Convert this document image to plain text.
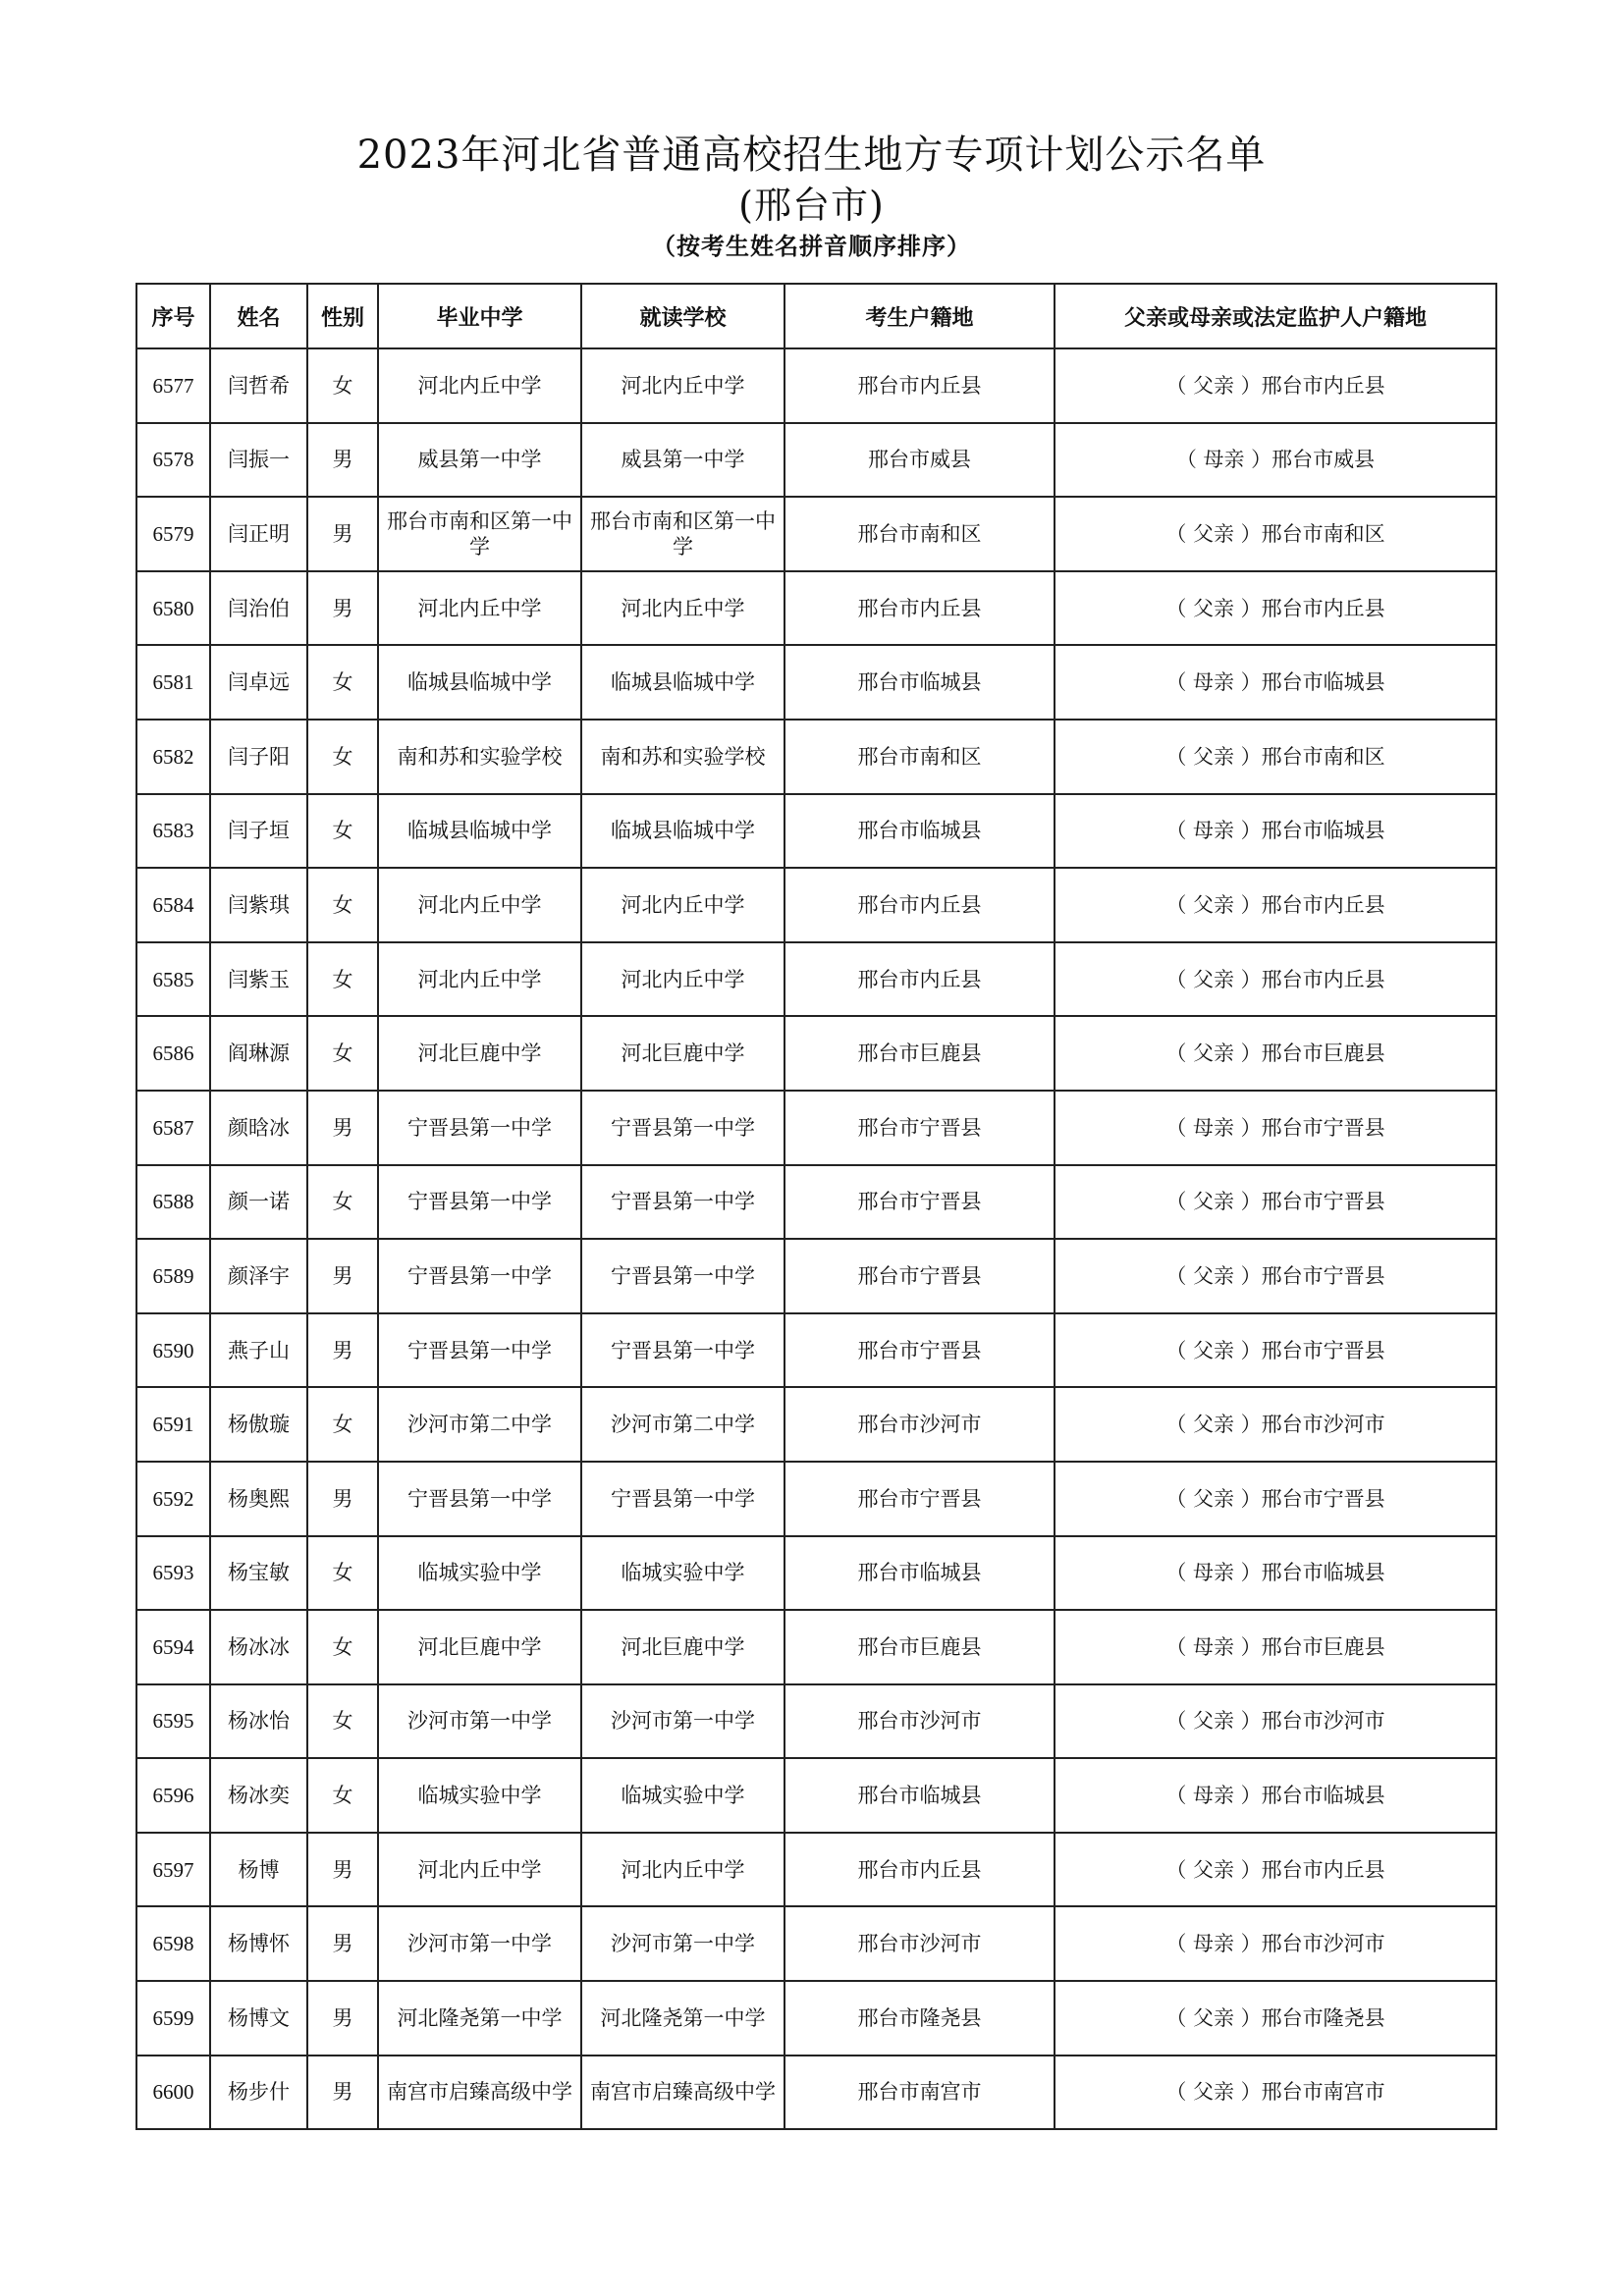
2023年河北省普通高校招生地方专项计划公示名单
(邢台市)
（按考生姓名拼音顺序排序）
序号	姓名	性别	毕业中学	就读学校	考生户籍地	父亲或母亲或法定监护人户籍地
6577	闫哲希	女	河北内丘中学	河北内丘中学	邢台市内丘县	（ 父亲 ）邢台市内丘县
6578	闫振一	男	威县第一中学	威县第一中学	邢台市威县	（ 母亲 ）邢台市威县
6579	闫正明	男	邢台市南和区第一中学	邢台市南和区第一中学	邢台市南和区	（ 父亲 ）邢台市南和区
6580	闫治伯	男	河北内丘中学	河北内丘中学	邢台市内丘县	（ 父亲 ）邢台市内丘县
6581	闫卓远	女	临城县临城中学	临城县临城中学	邢台市临城县	（ 母亲 ）邢台市临城县
6582	闫子阳	女	南和苏和实验学校	南和苏和实验学校	邢台市南和区	（ 父亲 ）邢台市南和区
6583	闫子垣	女	临城县临城中学	临城县临城中学	邢台市临城县	（ 母亲 ）邢台市临城县
6584	闫紫琪	女	河北内丘中学	河北内丘中学	邢台市内丘县	（ 父亲 ）邢台市内丘县
6585	闫紫玉	女	河北内丘中学	河北内丘中学	邢台市内丘县	（ 父亲 ）邢台市内丘县
6586	阎琳源	女	河北巨鹿中学	河北巨鹿中学	邢台市巨鹿县	（ 父亲 ）邢台市巨鹿县
6587	颜晗冰	男	宁晋县第一中学	宁晋县第一中学	邢台市宁晋县	（ 母亲 ）邢台市宁晋县
6588	颜一诺	女	宁晋县第一中学	宁晋县第一中学	邢台市宁晋县	（ 父亲 ）邢台市宁晋县
6589	颜泽宇	男	宁晋县第一中学	宁晋县第一中学	邢台市宁晋县	（ 父亲 ）邢台市宁晋县
6590	燕子山	男	宁晋县第一中学	宁晋县第一中学	邢台市宁晋县	（ 父亲 ）邢台市宁晋县
6591	杨傲璇	女	沙河市第二中学	沙河市第二中学	邢台市沙河市	（ 父亲 ）邢台市沙河市
6592	杨奥熙	男	宁晋县第一中学	宁晋县第一中学	邢台市宁晋县	（ 父亲 ）邢台市宁晋县
6593	杨宝敏	女	临城实验中学	临城实验中学	邢台市临城县	（ 母亲 ）邢台市临城县
6594	杨冰冰	女	河北巨鹿中学	河北巨鹿中学	邢台市巨鹿县	（ 母亲 ）邢台市巨鹿县
6595	杨冰怡	女	沙河市第一中学	沙河市第一中学	邢台市沙河市	（ 父亲 ）邢台市沙河市
6596	杨冰奕	女	临城实验中学	临城实验中学	邢台市临城县	（ 母亲 ）邢台市临城县
6597	杨博	男	河北内丘中学	河北内丘中学	邢台市内丘县	（ 父亲 ）邢台市内丘县
6598	杨博怀	男	沙河市第一中学	沙河市第一中学	邢台市沙河市	（ 母亲 ）邢台市沙河市
6599	杨博文	男	河北隆尧第一中学	河北隆尧第一中学	邢台市隆尧县	（ 父亲 ）邢台市隆尧县
6600	杨步什	男	南宫市启臻高级中学	南宫市启臻高级中学	邢台市南宫市	（ 父亲 ）邢台市南宫市
